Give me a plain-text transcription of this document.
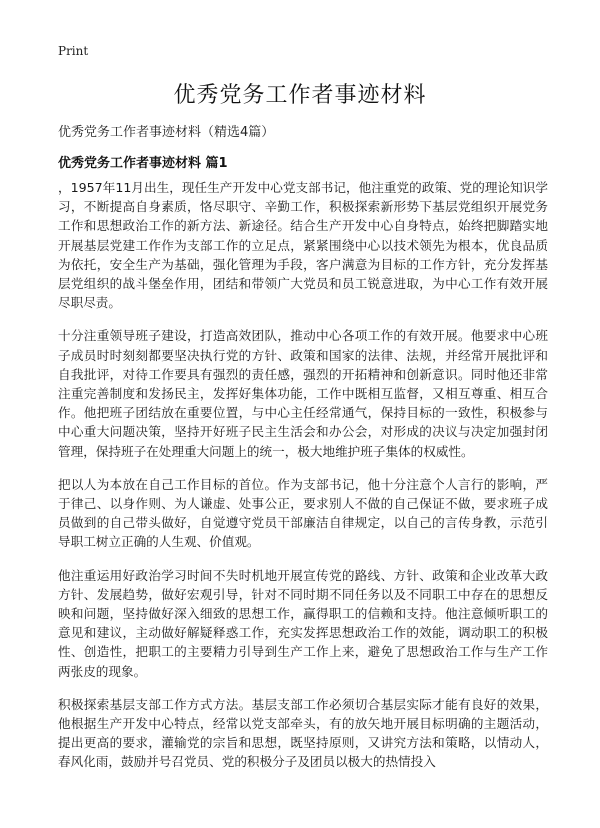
Print
优秀党务工作者事迹材料

优秀党务工作者事迹材料（精选4篇）

优秀党务工作者事迹材料 篇1

，1957年11月出生，现任生产开发中心党支部书记，他注重党的政策、党的理论知识学习，不断提高自身素质，恪尽职守、辛勤工作，积极探索新形势下基层党组织开展党务工作和思想政治工作的新方法、新途径。结合生产开发中心自身特点，始终把脚踏实地开展基层党建工作作为支部工作的立足点，紧紧围绕中心以技术领先为根本，优良品质为依托，安全生产为基础，强化管理为手段，客户满意为目标的工作方针，充分发挥基层党组织的战斗堡垒作用，团结和带领广大党员和员工锐意进取，为中心工作有效开展尽职尽责。

十分注重领导班子建设，打造高效团队，推动中心各项工作的有效开展。他要求中心班子成员时时刻刻都要坚决执行党的方针、政策和国家的法律、法规，并经常开展批评和自我批评，对待工作要具有强烈的责任感，强烈的开拓精神和创新意识。同时他还非常注重完善制度和发扬民主，发挥好集体功能，工作中既相互监督，又相互尊重、相互合作。他把班子团结放在重要位置，与中心主任经常通气，保持目标的一致性，积极参与中心重大问题决策，坚持开好班子民主生活会和办公会，对形成的决议与决定加强封闭管理，保持班子在处理重大问题上的统一，极大地维护班子集体的权威性。

把以人为本放在自己工作目标的首位。作为支部书记，他十分注意个人言行的影响，严于律己、以身作则、为人谦虚、处事公正，要求别人不做的自己保证不做，要求班子成员做到的自己带头做好，自觉遵守党员干部廉洁自律规定，以自己的言传身教，示范引导职工树立正确的人生观、价值观。

他注重运用好政治学习时间不失时机地开展宣传党的路线、方针、政策和企业改革大政方针、发展趋势，做好宏观引导，针对不同时期不同任务以及不同职工中存在的思想反映和问题，坚持做好深入细致的思想工作，赢得职工的信赖和支持。他注意倾听职工的意见和建议，主动做好解疑释惑工作，充实发挥思想政治工作的效能，调动职工的积极性、创造性，把职工的主要精力引导到生产工作上来，避免了思想政治工作与生产工作 两张皮的现象。

积极探索基层支部工作方式方法。基层支部工作必须切合基层实际才能有良好的效果，他根据生产开发中心特点，经常以党支部牵头，有的放矢地开展目标明确的主题活动，提出更高的要求，灌输党的宗旨和思想，既坚持原则，又讲究方法和策略，以情动人，春风化雨，鼓励并号召党员、党的积极分子及团员以极大的热情投入
